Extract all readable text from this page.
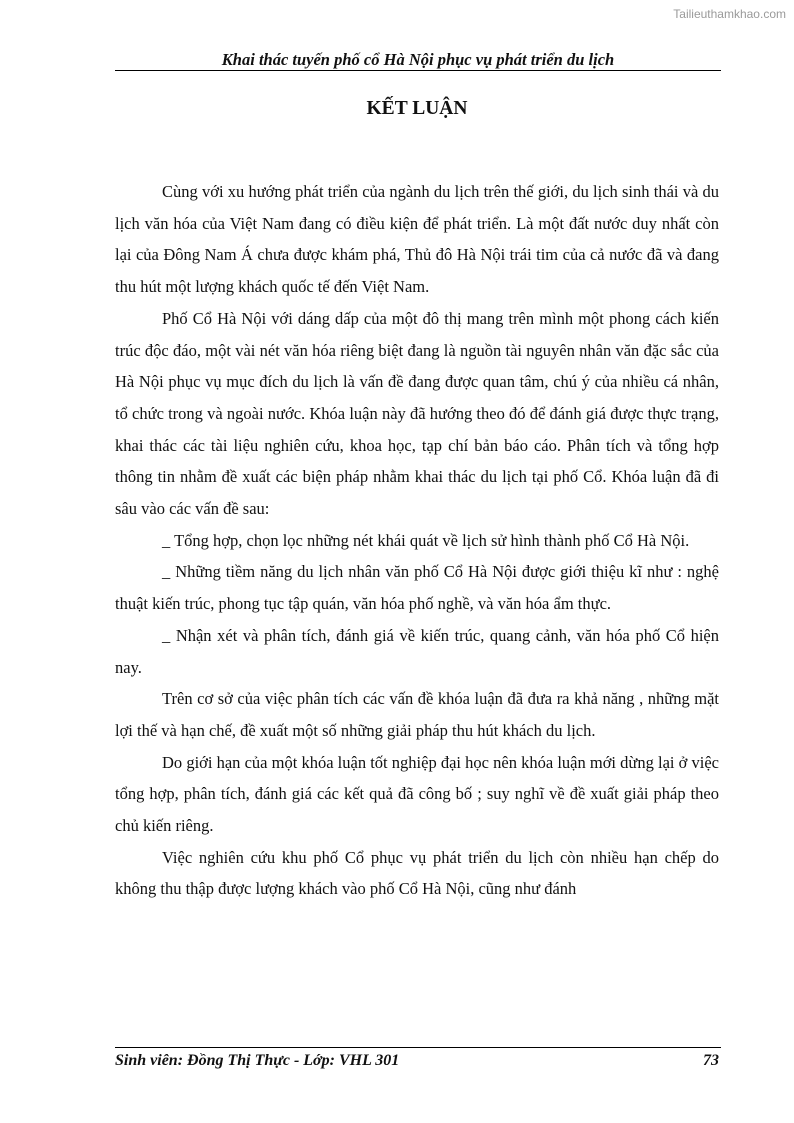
Tailieuthamkhao.com
Khai thác tuyến phố cổ Hà Nội phục vụ phát triển du lịch
KẾT LUẬN

Cùng với xu hướng phát triển của ngành du lịch trên thế giới, du lịch sinh thái và du lịch văn hóa của Việt Nam đang có điều kiện để phát triển. Là một đất nước duy nhất còn lại của Đông Nam Á chưa được khám phá, Thủ đô Hà Nội trái tim của cả nước đã và đang thu hút một lượng khách quốc tế đến Việt Nam.

Phố Cổ Hà Nội với dáng dấp của một đô thị mang trên mình một phong cách kiến trúc độc đáo, một vài nét văn hóa riêng biệt đang là nguồn tài nguyên nhân văn đặc sắc của Hà Nội phục vụ mục đích du lịch là vấn đề đang được quan tâm, chú ý của nhiều cá nhân, tổ chức trong và ngoài nước. Khóa luận này đã hướng theo đó để đánh giá được thực trạng, khai thác các tài liệu nghiên cứu, khoa học, tạp chí bản báo cáo. Phân tích và tổng hợp thông tin nhằm đề xuất các biện pháp nhằm khai thác du lịch tại phố Cổ. Khóa luận đã đi sâu vào các vấn đề sau:

_ Tổng hợp, chọn lọc những nét khái quát về lịch sử hình thành phố Cổ Hà Nội.

_ Những tiềm năng du lịch nhân văn phố Cổ Hà Nội được giới thiệu kĩ như : nghệ thuật kiến trúc, phong tục tập quán, văn hóa phố nghề, và văn hóa ẩm thực.

_ Nhận xét và phân tích, đánh giá về kiến trúc, quang cảnh, văn hóa phố Cổ hiện nay.

Trên cơ sở của việc phân tích các vấn đề khóa luận đã đưa ra khả năng , những mặt lợi thế và hạn chế, đề xuất một số những giải pháp thu hút khách du lịch.

Do giới hạn của một khóa luận tốt nghiệp đại học nên khóa luận mới dừng lại ở việc tổng hợp, phân tích, đánh giá các kết quả đã công bố ; suy nghĩ về đề xuất giải pháp theo chủ kiến riêng.

Việc nghiên cứu khu phố Cổ phục vụ phát triển du lịch còn nhiều hạn chếp do không thu thập được lượng khách vào phố Cổ Hà Nội, cũng như đánh

Sinh viên: Đồng Thị Thực - Lớp: VHL 301	73
